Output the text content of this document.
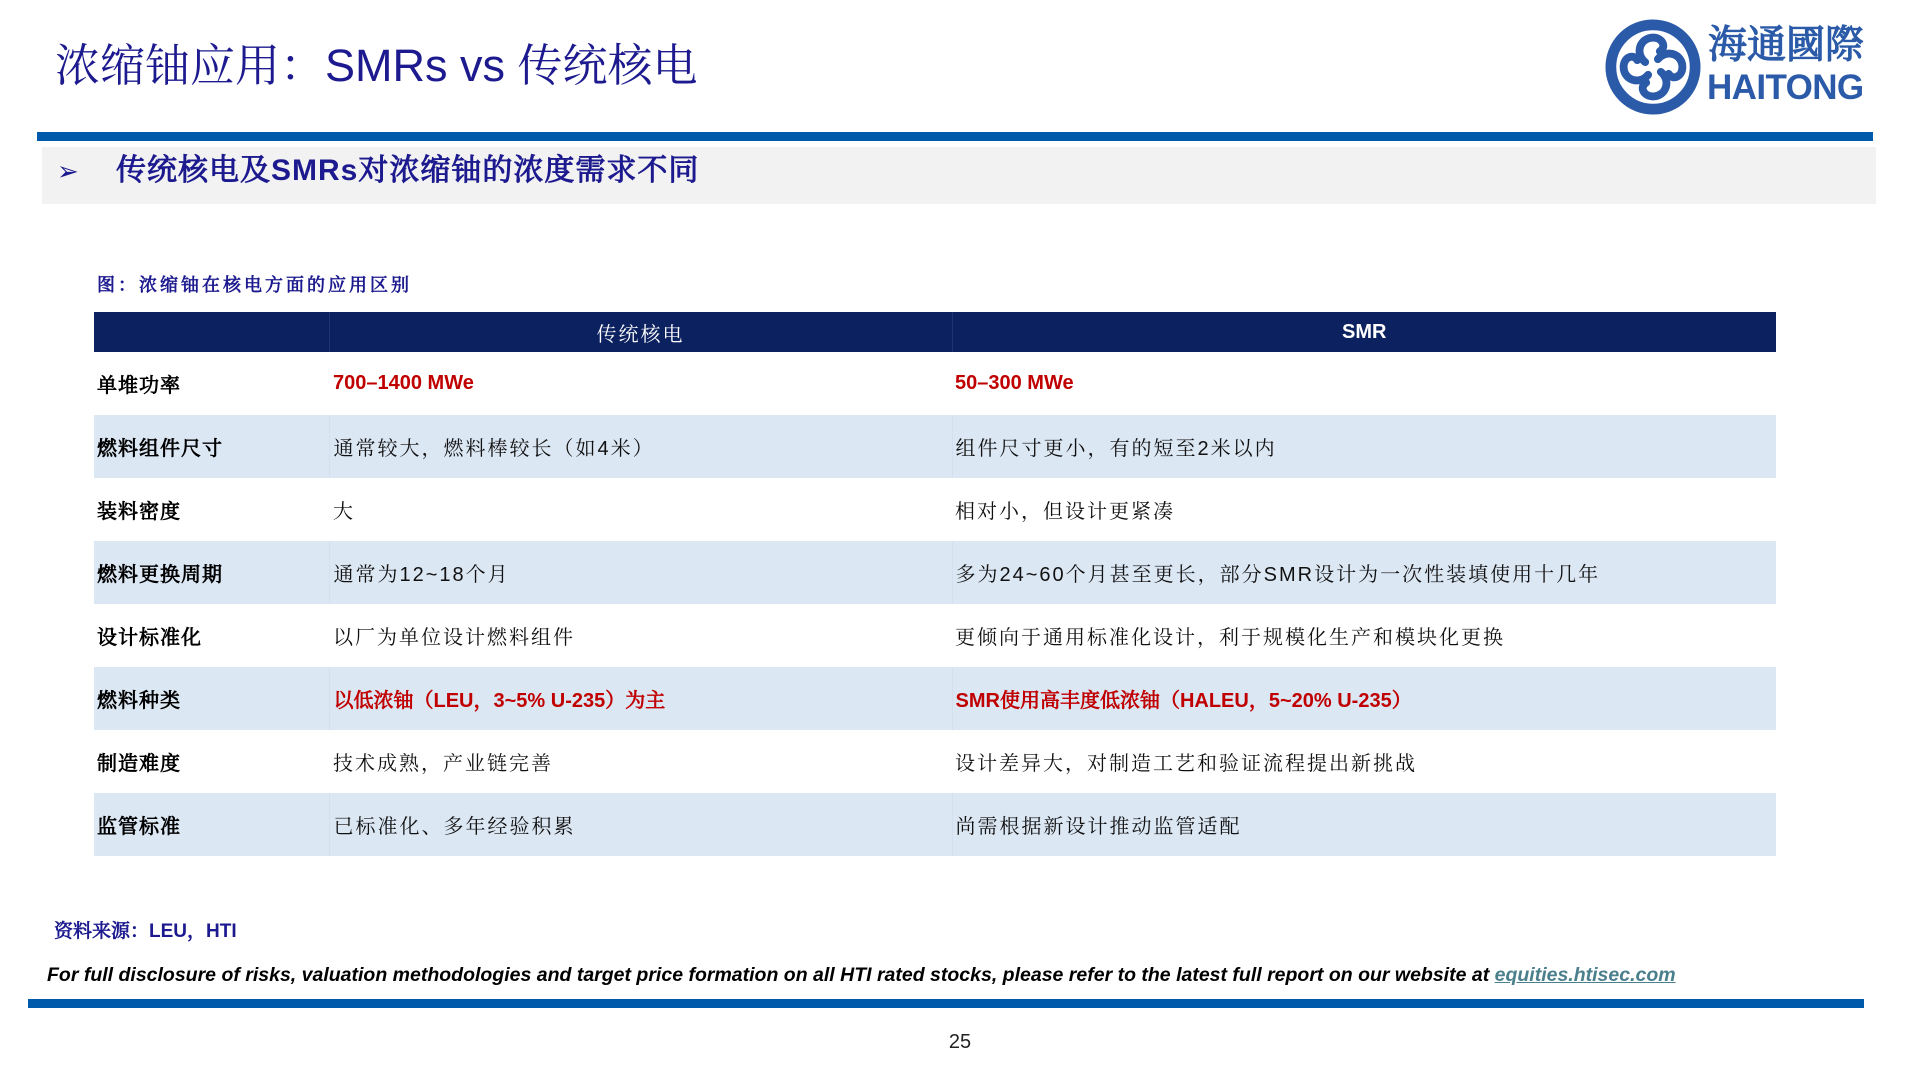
浓缩铀应用：SMRs vs 传统核电	海通國際
HAITONG
➢ 传统核电及SMRs对浓缩铀的浓度需求不同
图：浓缩铀在核电方面的应用区别
	传统核电	SMR
单堆功率	700–1400 MWe	50–300 MWe
燃料组件尺寸	通常较大，燃料棒较长（如4米）	组件尺寸更小，有的短至2米以内
装料密度	大	相对小，但设计更紧凑
燃料更换周期	通常为12~18个月	多为24~60个月甚至更长，部分SMR设计为一次性装填使用十几年
设计标准化	以厂为单位设计燃料组件	更倾向于通用标准化设计，利于规模化生产和模块化更换
燃料种类	以低浓铀（LEU，3~5% U-235）为主	SMR使用高丰度低浓铀（HALEU，5~20% U-235）
制造难度	技术成熟，产业链完善	设计差异大，对制造工艺和验证流程提出新挑战
监管标准	已标准化、多年经验积累	尚需根据新设计推动监管适配
资料来源：LEU，HTI
For full disclosure of risks, valuation methodologies and target price formation on all HTI rated stocks, please refer to the latest full report on our website at equities.htisec.com
25
